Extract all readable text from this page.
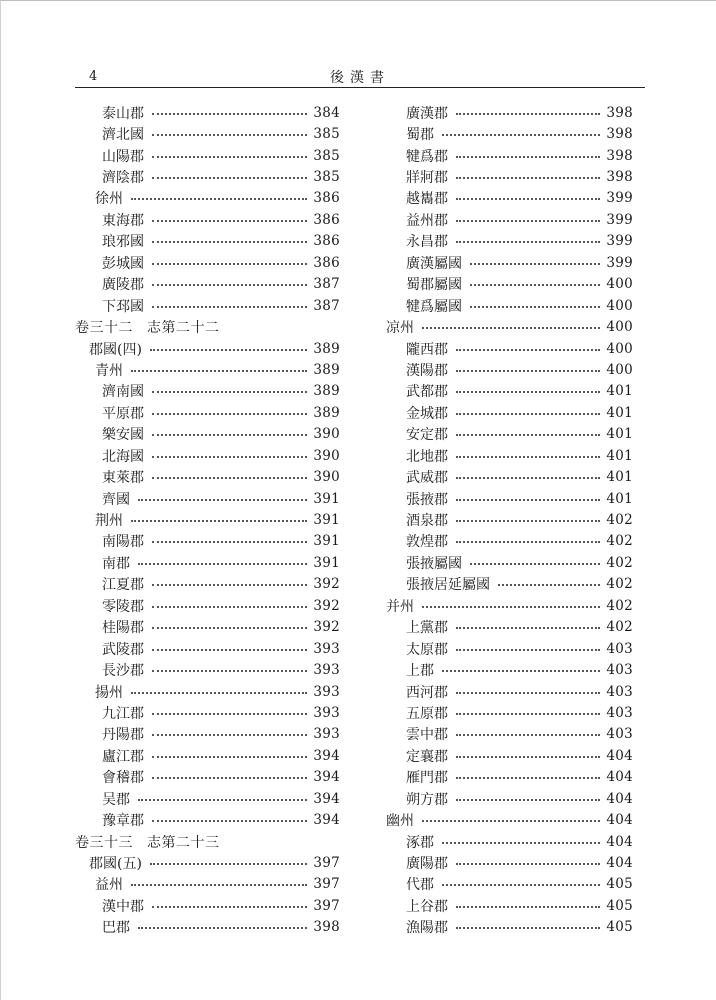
4	後漢書
泰山郡	384
濟北國	385
山陽郡	385
濟陰郡	385
徐州	386
東海郡	386
琅邪國	386
彭城國	386
廣陵郡	387
下邳國	387
卷三十二 志第二十二
郡國(四)	389
青州	389
濟南國	389
平原郡	389
樂安國	390
北海國	390
東萊郡	390
齊國	391
荆州	391
南陽郡	391
南郡	391
江夏郡	392
零陵郡	392
桂陽郡	392
武陵郡	393
長沙郡	393
揚州	393
九江郡	393
丹陽郡	393
廬江郡	394
會稽郡	394
吴郡	394
豫章郡	394
卷三十三 志第二十三
郡國(五)	397
益州	397
漢中郡	397
巴郡	398
廣漢郡	398
蜀郡	398
犍爲郡	398
牂牁郡	398
越巂郡	399
益州郡	399
永昌郡	399
廣漢屬國	399
蜀郡屬國	400
犍爲屬國	400
凉州	400
隴西郡	400
漢陽郡	400
武都郡	401
金城郡	401
安定郡	401
北地郡	401
武威郡	401
張掖郡	401
酒泉郡	402
敦煌郡	402
張掖屬國	402
張掖居延屬國	402
并州	402
上黨郡	402
太原郡	403
上郡	403
西河郡	403
五原郡	403
雲中郡	403
定襄郡	404
雁門郡	404
朔方郡	404
幽州	404
涿郡	404
廣陽郡	404
代郡	405
上谷郡	405
漁陽郡	405
